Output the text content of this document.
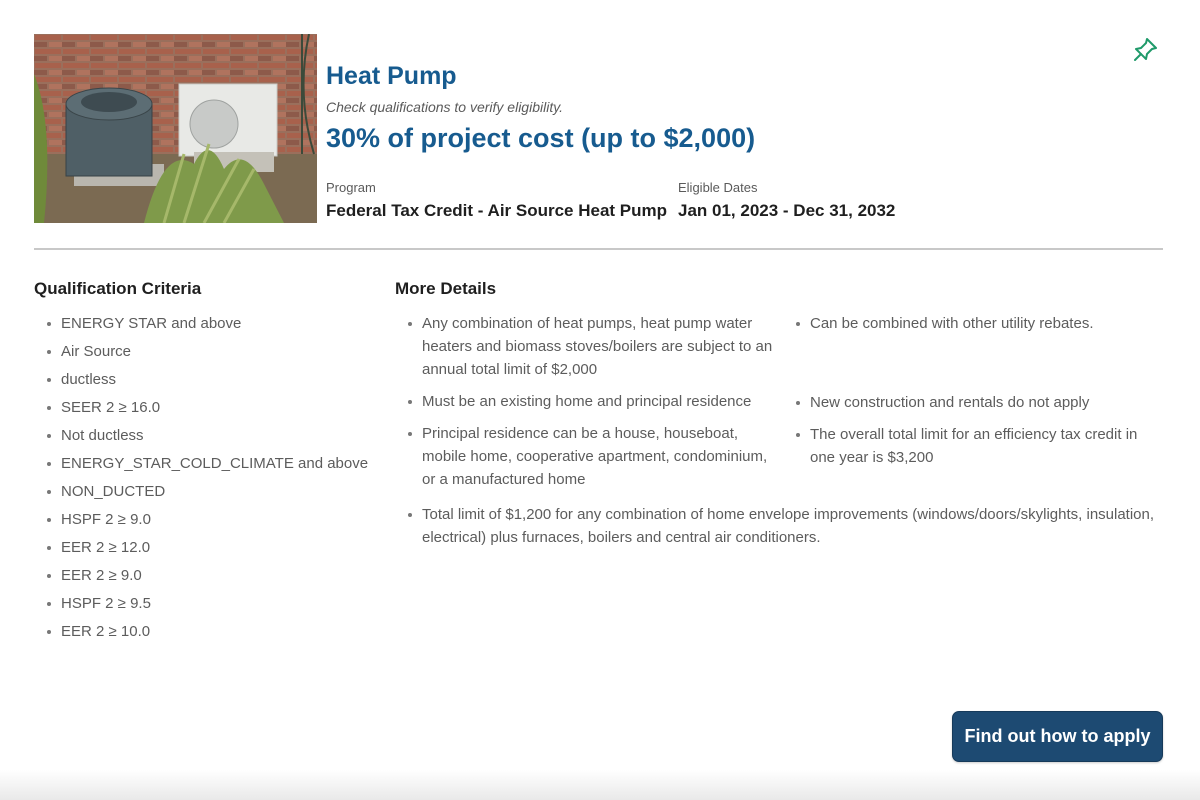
Heat Pump
Check qualifications to verify eligibility.
30% of project cost (up to $2,000)
Program
Federal Tax Credit - Air Source Heat Pump
Eligible Dates
Jan 01, 2023 - Dec 31, 2032
Qualification Criteria
ENERGY STAR and above
Air Source
ductless
SEER 2 ≥ 16.0
Not ductless
ENERGY_STAR_COLD_CLIMATE and above
NON_DUCTED
HSPF 2 ≥ 9.0
EER 2 ≥ 12.0
EER 2 ≥ 9.0
HSPF 2 ≥ 9.5
EER 2 ≥ 10.0
More Details
Any combination of heat pumps, heat pump water heaters and biomass stoves/boilers are subject to an annual total limit of $2,000
Must be an existing home and principal residence
Principal residence can be a house, houseboat, mobile home, cooperative apartment, condominium, or a manufactured home
Can be combined with other utility rebates.
New construction and rentals do not apply
The overall total limit for an efficiency tax credit in one year is $3,200
Total limit of $1,200 for any combination of home envelope improvements (windows/doors/skylights, insulation, electrical) plus furnaces, boilers and central air conditioners.
Find out how to apply
